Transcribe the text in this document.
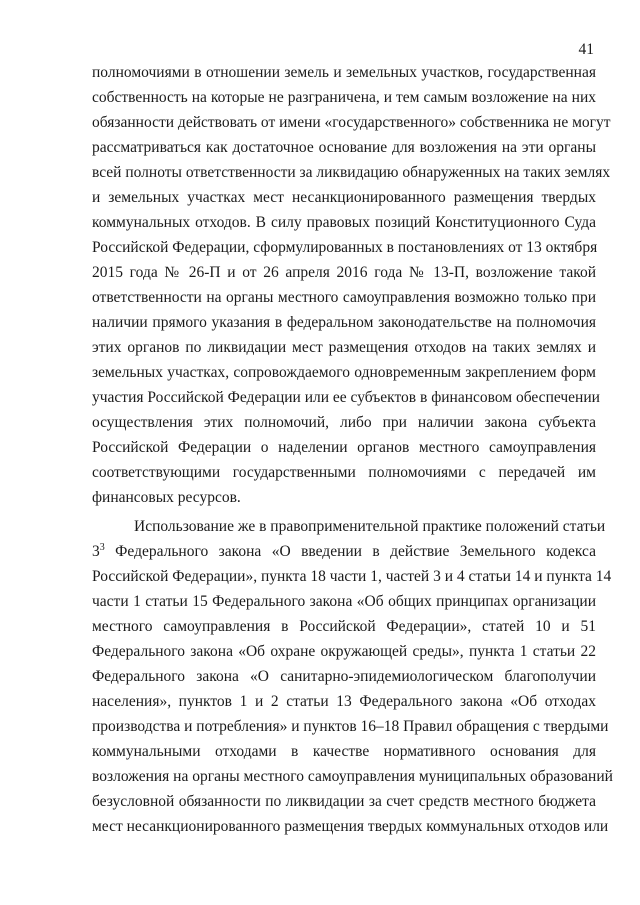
41
полномочиями в отношении земель и земельных участков, государственная
собственность на которые не разграничена, и тем самым возложение на них
обязанности действовать от имени «государственного» собственника не могут
рассматриваться как достаточное основание для возложения на эти органы
всей полноты ответственности за ликвидацию обнаруженных на таких землях
и земельных участках мест несанкционированного размещения твердых
коммунальных отходов. В силу правовых позиций Конституционного Суда
Российской Федерации, сформулированных в постановлениях от 13 октября
2015 года № 26-П и от 26 апреля 2016 года № 13-П, возложение такой
ответственности на органы местного самоуправления возможно только при
наличии прямого указания в федеральном законодательстве на полномочия
этих органов по ликвидации мест размещения отходов на таких землях и
земельных участках, сопровождаемого одновременным закреплением форм
участия Российской Федерации или ее субъектов в финансовом обеспечении
осуществления этих полномочий, либо при наличии закона субъекта
Российской Федерации о наделении органов местного самоуправления
соответствующими государственными полномочиями с передачей им
финансовых ресурсов.
Использование же в правоприменительной практике положений статьи
$3^3$ Федерального закона «О введении в действие Земельного кодекса
Российской Федерации», пункта 18 части 1, частей 3 и 4 статьи 14 и пункта 14
части 1 статьи 15 Федерального закона «Об общих принципах организации
местного самоуправления в Российской Федерации», статей 10 и 51
Федерального закона «Об охране окружающей среды», пункта 1 статьи 22
Федерального закона «О санитарно-эпидемиологическом благополучии
населения», пунктов 1 и 2 статьи 13 Федерального закона «Об отходах
производства и потребления» и пунктов 16–18 Правил обращения с твердыми
коммунальными отходами в качестве нормативного основания для
возложения на органы местного самоуправления муниципальных образований
безусловной обязанности по ликвидации за счет средств местного бюджета
мест несанкционированного размещения твердых коммунальных отходов или
